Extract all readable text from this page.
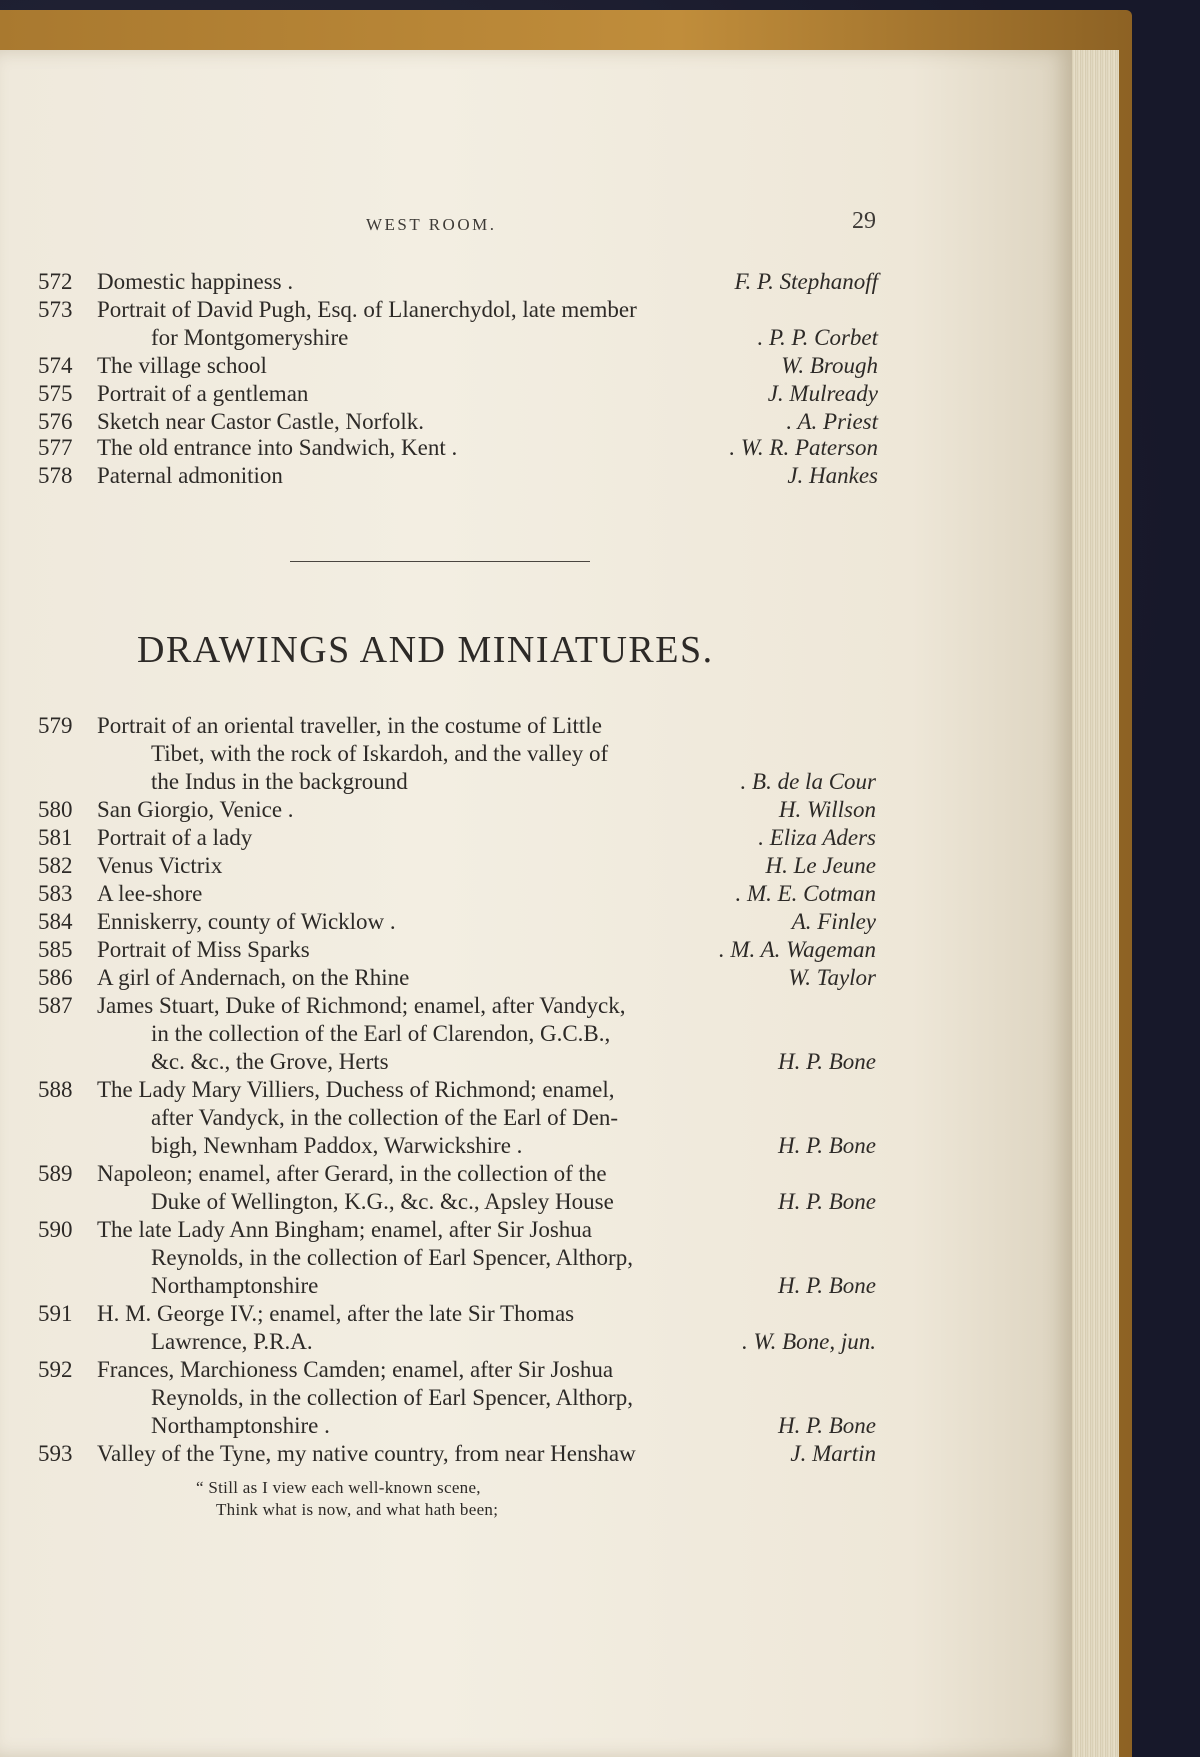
WEST ROOM.	29
572	Domestic happiness .	F. P. Stephanoff
573	Portrait of David Pugh, Esq. of Llanerchydol, late member
for Montgomeryshire	. P. P. Corbet
574	The village school	W. Brough
575	Portrait of a gentleman	J. Mulready
576	Sketch near Castor Castle, Norfolk.	. A. Priest
577	The old entrance into Sandwich, Kent .	. W. R. Paterson
578	Paternal admonition	J. Hankes
DRAWINGS AND MINIATURES.
579	Portrait of an oriental traveller, in the costume of Little
Tibet, with the rock of Iskardoh, and the valley of
the Indus in the background	. B. de la Cour
580	San Giorgio, Venice .	H. Willson
581	Portrait of a lady	. Eliza Aders
582	Venus Victrix	H. Le Jeune
583	A lee-shore	. M. E. Cotman
584	Enniskerry, county of Wicklow .	A. Finley
585	Portrait of Miss Sparks	. M. A. Wageman
586	A girl of Andernach, on the Rhine	W. Taylor
587	James Stuart, Duke of Richmond; enamel, after Vandyck,
in the collection of the Earl of Clarendon, G.C.B.,
&c. &c., the Grove, Herts	H. P. Bone
588	The Lady Mary Villiers, Duchess of Richmond; enamel,
after Vandyck, in the collection of the Earl of Den-
bigh, Newnham Paddox, Warwickshire .	H. P. Bone
589	Napoleon; enamel, after Gerard, in the collection of the
Duke of Wellington, K.G., &c. &c., Apsley House	H. P. Bone
590	The late Lady Ann Bingham; enamel, after Sir Joshua
Reynolds, in the collection of Earl Spencer, Althorp,
Northamptonshire	H. P. Bone
591	H. M. George IV.; enamel, after the late Sir Thomas
Lawrence, P.R.A.	. W. Bone, jun.
592	Frances, Marchioness Camden; enamel, after Sir Joshua
Reynolds, in the collection of Earl Spencer, Althorp,
Northamptonshire .	H. P. Bone
593	Valley of the Tyne, my native country, from near Henshaw	J. Martin
“ Still as I view each well-known scene,
Think what is now, and what hath been;
